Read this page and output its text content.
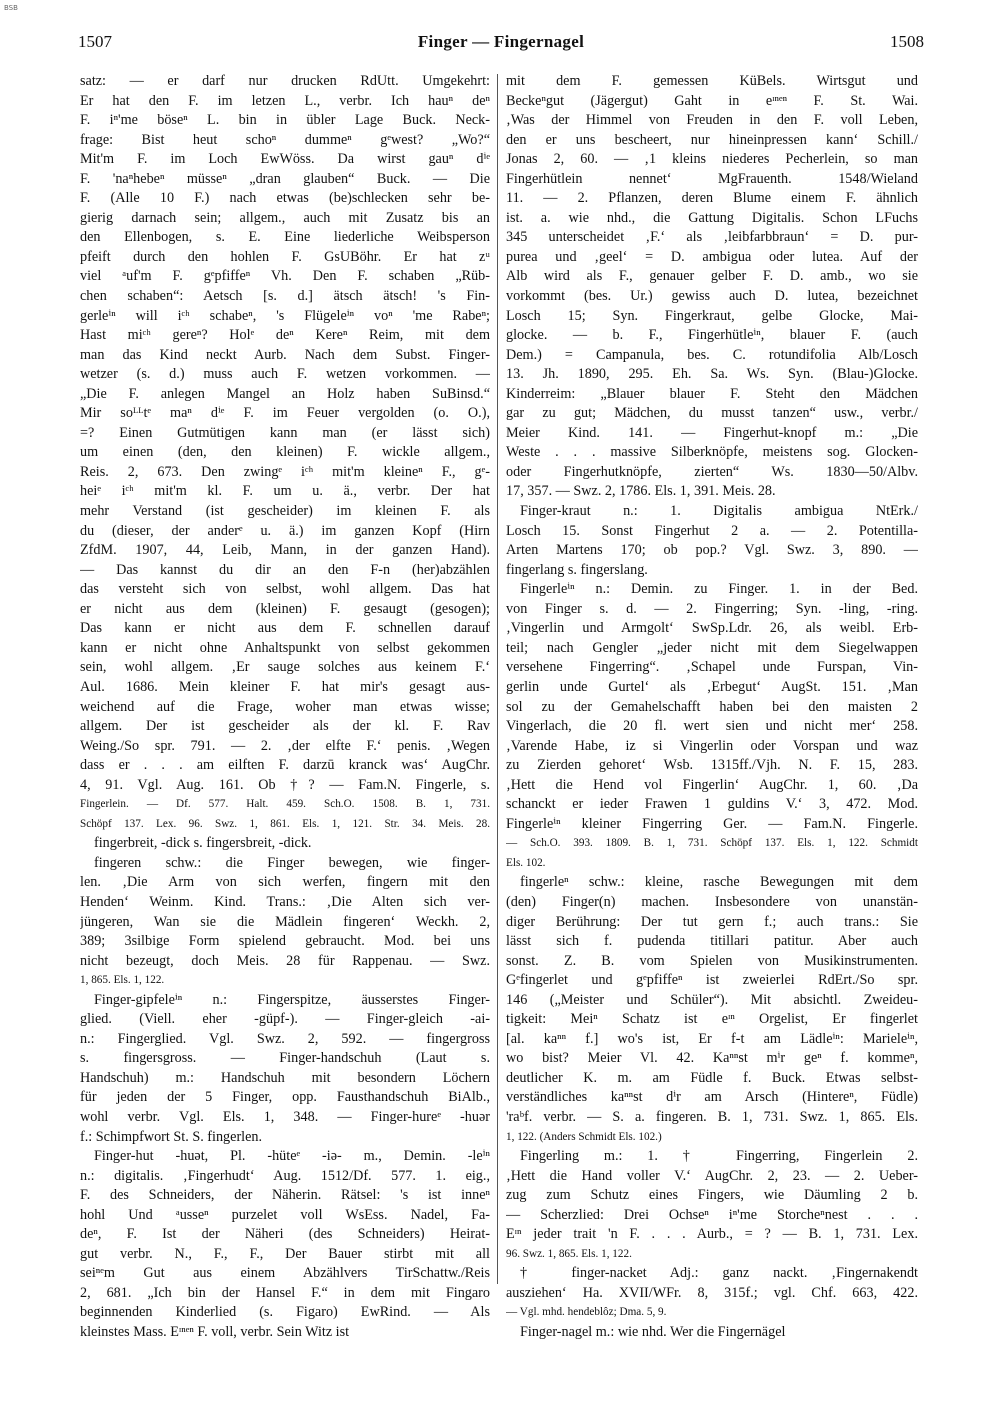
BSB
1507	Finger — Fingernagel	1508
satz: — er darf nur drucken RdUtt. Umgekehrt:
Er hat den F. im letzen L., verbr. Ich hauⁿ deⁿ
F. iⁿ'me böseⁿ L. bin in übler Lage Buck. Neck-
frage: Bist heut schoⁿ dummeⁿ gᵉwest? „Wo?“
Mit'm F. im Loch EwWöss. Da wirst gauⁿ dⁱᵉ
F. 'naⁿhebeⁿ müsseⁿ „dran glauben“ Buck. — Die
F. (Alle 10 F.) nach etwas (be)schlecken sehr be-
gierig darnach sein; allgem., auch mit Zusatz bis an
den Ellenbogen, s. E. Eine liederliche Weibsperson
pfeift durch den hohlen F. GsUBöhr. Er hat zᵘ
viel ᵃuf'm F. gᵉpfiffeⁿ Vh. Den F. schaben „Rüb-
chen schaben“: Aetsch [s. d.] ätsch ätsch! 's Fin-
gerleⁱⁿ will iᶜʰ schabeⁿ, 's Flügeleⁱⁿ voⁿ 'me Rabeⁿ;
Hast miᶜʰ gereⁿ? Holᵉ deⁿ Kereⁿ Reim, mit dem
man das Kind neckt Aurb. Nach dem Subst. Finger-
wetzer (s. d.) muss auch F. wetzen vorkommen. —
„Die F. anlegen Mangel an Holz haben SuBinsd.“
Mir soᴸᴸtᵉ maⁿ dⁱᵉ F. im Feuer vergolden (o. O.),
=? Einen Gutmütigen kann man (er lässt sich)
um einen (den, den kleinen) F. wickle allgem.,
Reis. 2, 673. Den zwingᵉ iᶜʰ mit'm kleineⁿ F., gᵉ-
heiᵉ iᶜʰ mit'm kl. F. um u. ä., verbr. Der hat
mehr Verstand (ist gescheider) im kleinen F. als
du (dieser, der anderᵉ u. ä.) im ganzen Kopf (Hirn
ZfdM. 1907, 44, Leib, Mann, in der ganzen Hand).
— Das kannst du dir an den F-n (her)abzählen
das versteht sich von selbst, wohl allgem. Das hat
er nicht aus dem (kleinen) F. gesaugt (gesogen);
Das kann er nicht aus dem F. schnellen darauf
kann er nicht ohne Anhaltspunkt von selbst gekommen
sein, wohl allgem. ‚Er sauge solches aus keinem F.‘
Aul. 1686. Mein kleiner F. hat mir's gesagt aus-
weichend auf die Frage, woher man etwas wisse;
allgem. Der ist gescheider als der kl. F. Rav
Weing./So spr. 791. — 2. ‚der elfte F.‘ penis. ‚Wegen
dass er . . . am eilften F. darzū kranck was‘ AugChr.
4, 91. Vgl. Aug. 161. Ob †? — Fam.N. Fingerle, s.
Fingerlein. — Df. 577. Halt. 459. Sch.O. 1508. B. 1, 731.
Schöpf 137. Lex. 96. Swz. 1, 861. Els. 1, 121. Str. 34. Meis. 28.
fingerbreit, -dick s. fingersbreit, -dick.
fingeren schw.: die Finger bewegen, wie finger-
len. ‚Die Arm von sich werfen, fingern mit den
Henden‘ Weinm. Kind. Trans.: ‚Die Alten sich ver-
jüngeren, Wan sie die Mädlein fingeren‘ Weckh. 2,
389; 3silbige Form spielend gebraucht. Mod. bei uns
nicht bezeugt, doch Meis. 28 für Rappenau. — Swz.
1, 865. Els. 1, 122.
Finger-gipfeleⁱⁿ n.: Fingerspitze, äusserstes Finger-
glied. (Viell. eher -güpf-). — Finger-gleich -ai-
n.: Fingerglied. Vgl. Swz. 2, 592. — fingergross
s. fingersgross. — Finger-handschuh (Laut s.
Handschuh) m.: Handschuh mit besondern Löchern
für jeden der 5 Finger, opp. Fausthandschuh BiAlb.,
wohl verbr. Vgl. Els. 1, 348. — Finger-hureᵉ -huər
f.: Schimpfwort St. S. fingerlen.
Finger-hut -huət, Pl. -hüteᵉ -iə- m., Demin. -leⁱⁿ
n.: digitalis. ‚Fingerhudt‘ Aug. 1512/Df. 577. 1. eig.,
F. des Schneiders, der Näherin. Rätsel: 's ist inneⁿ
hohl Und ᵃusseⁿ purzelet voll WsEss. Nadel, Fa-
deⁿ, F. Ist der Näheri (des Schneiders) Heirat-
gut verbr. N., F., F., Der Bauer stirbt mit all
seiⁿᵉm Gut aus einem Abzählvers TirSchattw./Reis
2, 681. „Ich bin der Hansel F.“ in dem mit Fingaro
beginnenden Kinderlied (s. Figaro) EwRind. — Als
kleinstes Mass. Eᶦⁿᵉⁿ F. voll, verbr. Sein Witz ist
mit dem F. gemessen KüBels. Wirtsgut und
Beckeⁿgut (Jägergut) Gaht in eᶦⁿᵉⁿ F. St. Wai.
‚Was der Himmel von Freuden in den F. voll Leben,
den er uns bescheert, nur hineinpressen kann‘ Schill./
Jonas 2, 60. — ‚1 kleins niederes Pecherlein, so man
Fingerhütlein nennet‘ MgFrauenth. 1548/Wieland
11. — 2. Pflanzen, deren Blume einem F. ähnlich
ist. a. wie nhd., die Gattung Digitalis. Schon LFuchs
345 unterscheidet ‚F.‘ als ‚leibfarbbraun‘ = D. pur-
purea und ‚geel‘ = D. ambigua oder lutea. Auf der
Alb wird als F., genauer gelber F. D. amb., wo sie
vorkommt (bes. Ur.) gewiss auch D. lutea, bezeichnet
Losch 15; Syn. Fingerkraut, gelbe Glocke, Mai-
glocke. — b. F., Fingerhütleⁱⁿ, blauer F. (auch
Dem.) = Campanula, bes. C. rotundifolia Alb/Losch
13. Jh. 1890, 295. Eh. Sa. Ws. Syn. (Blau-)Glocke.
Kinderreim: „Blauer blauer F. Steht den Mädchen
gar zu gut; Mädchen, du musst tanzen“ usw., verbr./
Meier Kind. 141. — Fingerhut-knopf m.: „Die
Weste . . . massive Silberknöpfe, meistens sog. Glocken-
oder Fingerhutknöpfe, zierten“ Ws. 1830—50/Albv.
17, 357. — Swz. 2, 1786. Els. 1, 391. Meis. 28.
Finger-kraut n.: 1. Digitalis ambigua NtErk./
Losch 15. Sonst Fingerhut 2 a. — 2. Potentilla-
Arten Martens 170; ob pop.? Vgl. Swz. 3, 890. —
fingerlang s. fingerslang.
Fingerleⁱⁿ n.: Demin. zu Finger. 1. in der Bed.
von Finger s. d. — 2. Fingerring; Syn. -ling, -ring.
‚Vingerlin und Armgolt‘ SwSp.Ldr. 26, als weibl. Erb-
teil; nach Gengler „jeder nicht mit dem Siegelwappen
versehene Fingerring“. ‚Schapel unde Furspan, Vin-
gerlin unde Gurtel‘ als ‚Erbegut‘ AugSt. 151. ‚Man
sol zu der Gemahelschafft haben bei den maisten 2
Vingerlach, die 20 fl. wert sien und nicht mer‘ 258.
‚Varende Habe, iz si Vingerlin oder Vorspan und waz
zu Zierden gehoret‘ Wsb. 1315ff./Vjh. N. F. 15, 283.
‚Hett die Hend vol Fingerlin‘ AugChr. 1, 60. ‚Da
schanckt er ieder Frawen 1 guldins V.‘ 3, 472. Mod.
Fingerleⁱⁿ kleiner Fingerring Ger. — Fam.N. Fingerle.
— Sch.O. 393. 1809. B. 1, 731. Schöpf 137. Els. 1, 122. Schmidt
Els. 102.
fingerleⁿ schw.: kleine, rasche Bewegungen mit dem
(den) Finger(n) machen. Insbesondere von unanstän-
diger Berührung: Der tut gern f.; auch trans.: Sie
lässt sich f. pudenda titillari patitur. Aber auch
sonst. Z. B. vom Spielen von Musikinstrumenten.
Gᵉfingerlet und gᵉpfiffeⁿ ist zweierlei RdErt./So spr.
146 („Meister und Schüler“). Mit absichtl. Zweideu-
tigkeit: Meiⁿ Schatz ist eᶦⁿ Orgelist, Er fingerlet
[al. kaⁿⁿ f.] wo's ist, Er f-t am Lädleⁱⁿ: Marieleⁱⁿ,
wo bist? Meier Vl. 42. Kaⁿⁿst mⁱr geⁿ f. kommeⁿ,
deutlicher K. m. am Füdle f. Buck. Etwas selbst-
verständliches kaⁿⁿst dⁱr am Arsch (Hintereⁿ, Füdle)
'raᵇf. verbr. — S. a. fingeren. B. 1, 731. Swz. 1, 865. Els.
1, 122. (Anders Schmidt Els. 102.)
Fingerling m.: 1. † Fingerring, Fingerlein 2.
‚Hett die Hand voller V.‘ AugChr. 2, 23. — 2. Ueber-
zug zum Schutz eines Fingers, wie Däumling 2 b.
— Scherzlied: Drei Ochseⁿ iⁿ'me Storcheⁿnest . . .
Eᶦⁿ jeder trait 'n F. . . . Aurb., = ? — B. 1, 731. Lex.
96. Swz. 1, 865. Els. 1, 122.
† finger-nacket Adj.: ganz nackt. ‚Fingernakendt
ausziehen‘ Ha. XVII/WFr. 8, 315f.; vgl. Chf. 663, 422.
— Vgl. mhd. hendeblôz; Dma. 5, 9.
Finger-nagel m.: wie nhd. Wer die Fingernägel
